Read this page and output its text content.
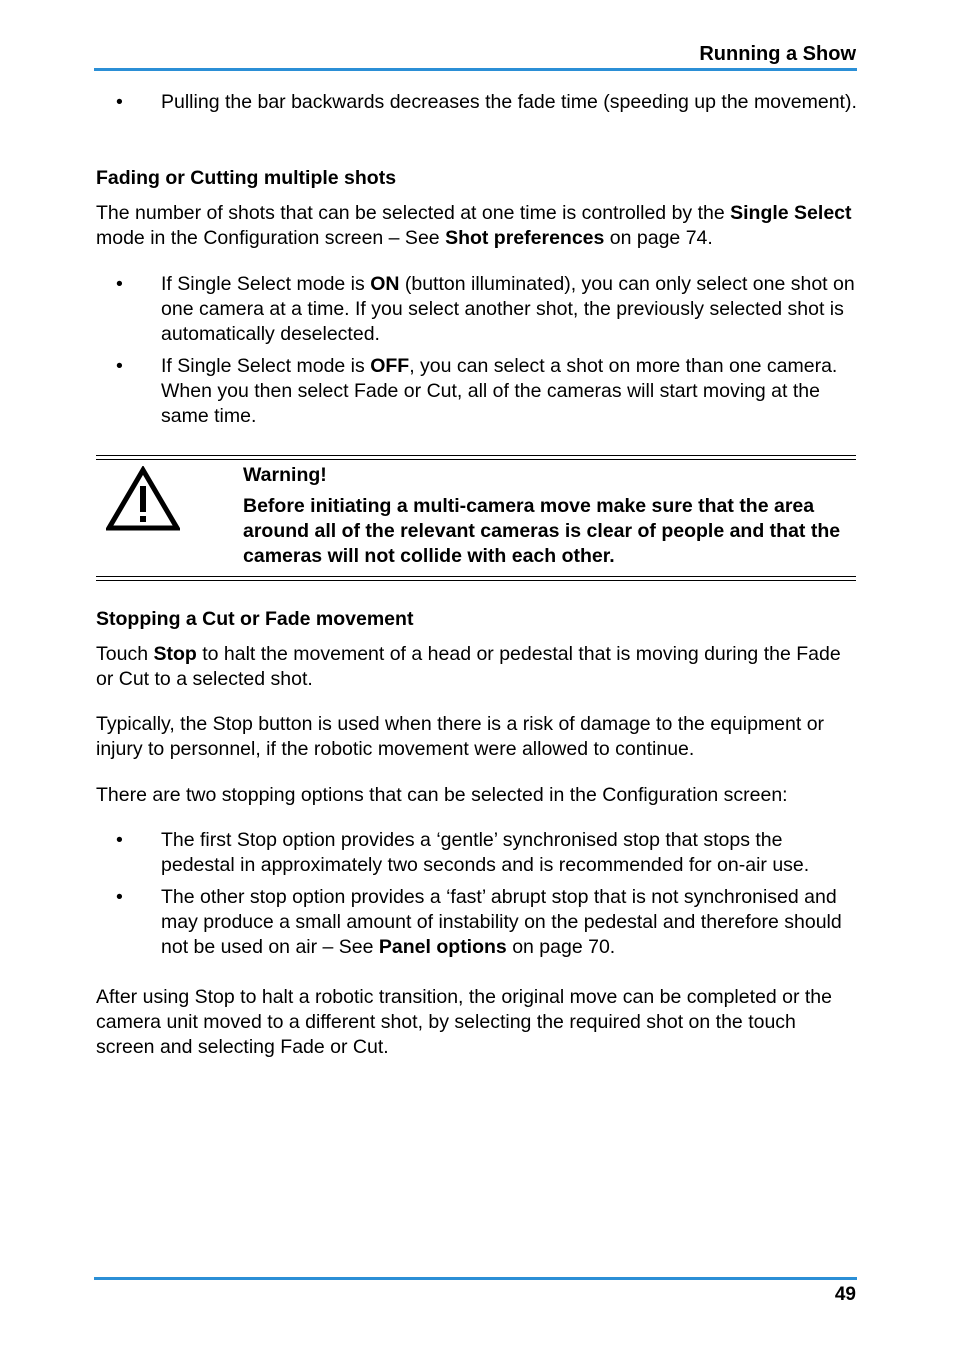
Running a Show
• Pulling the bar backwards decreases the fade time (speeding up the movement).
Fading or Cutting multiple shots

The number of shots that can be selected at one time is controlled by the Single Select mode in the Configuration screen – See Shot preferences on page 74.

• If Single Select mode is ON (button illuminated), you can only select one shot on one camera at a time. If you select another shot, the previously selected shot is automatically deselected.
• If Single Select mode is OFF, you can select a shot on more than one camera. When you then select Fade or Cut, all of the cameras will start moving at the same time.
Warning!
Before initiating a multi-camera move make sure that the area around all of the relevant cameras is clear of people and that the cameras will not collide with each other.
Stopping a Cut or Fade movement

Touch Stop to halt the movement of a head or pedestal that is moving during the Fade or Cut to a selected shot.

Typically, the Stop button is used when there is a risk of damage to the equipment or injury to personnel, if the robotic movement were allowed to continue.

There are two stopping options that can be selected in the Configuration screen:

• The first Stop option provides a ‘gentle’ synchronised stop that stops the pedestal in approximately two seconds and is recommended for on-air use.
• The other stop option provides a ‘fast’ abrupt stop that is not synchronised and may produce a small amount of instability on the pedestal and therefore should not be used on air – See Panel options on page 70.

After using Stop to halt a robotic transition, the original move can be completed or the camera unit moved to a different shot, by selecting the required shot on the touch screen and selecting Fade or Cut.

49
